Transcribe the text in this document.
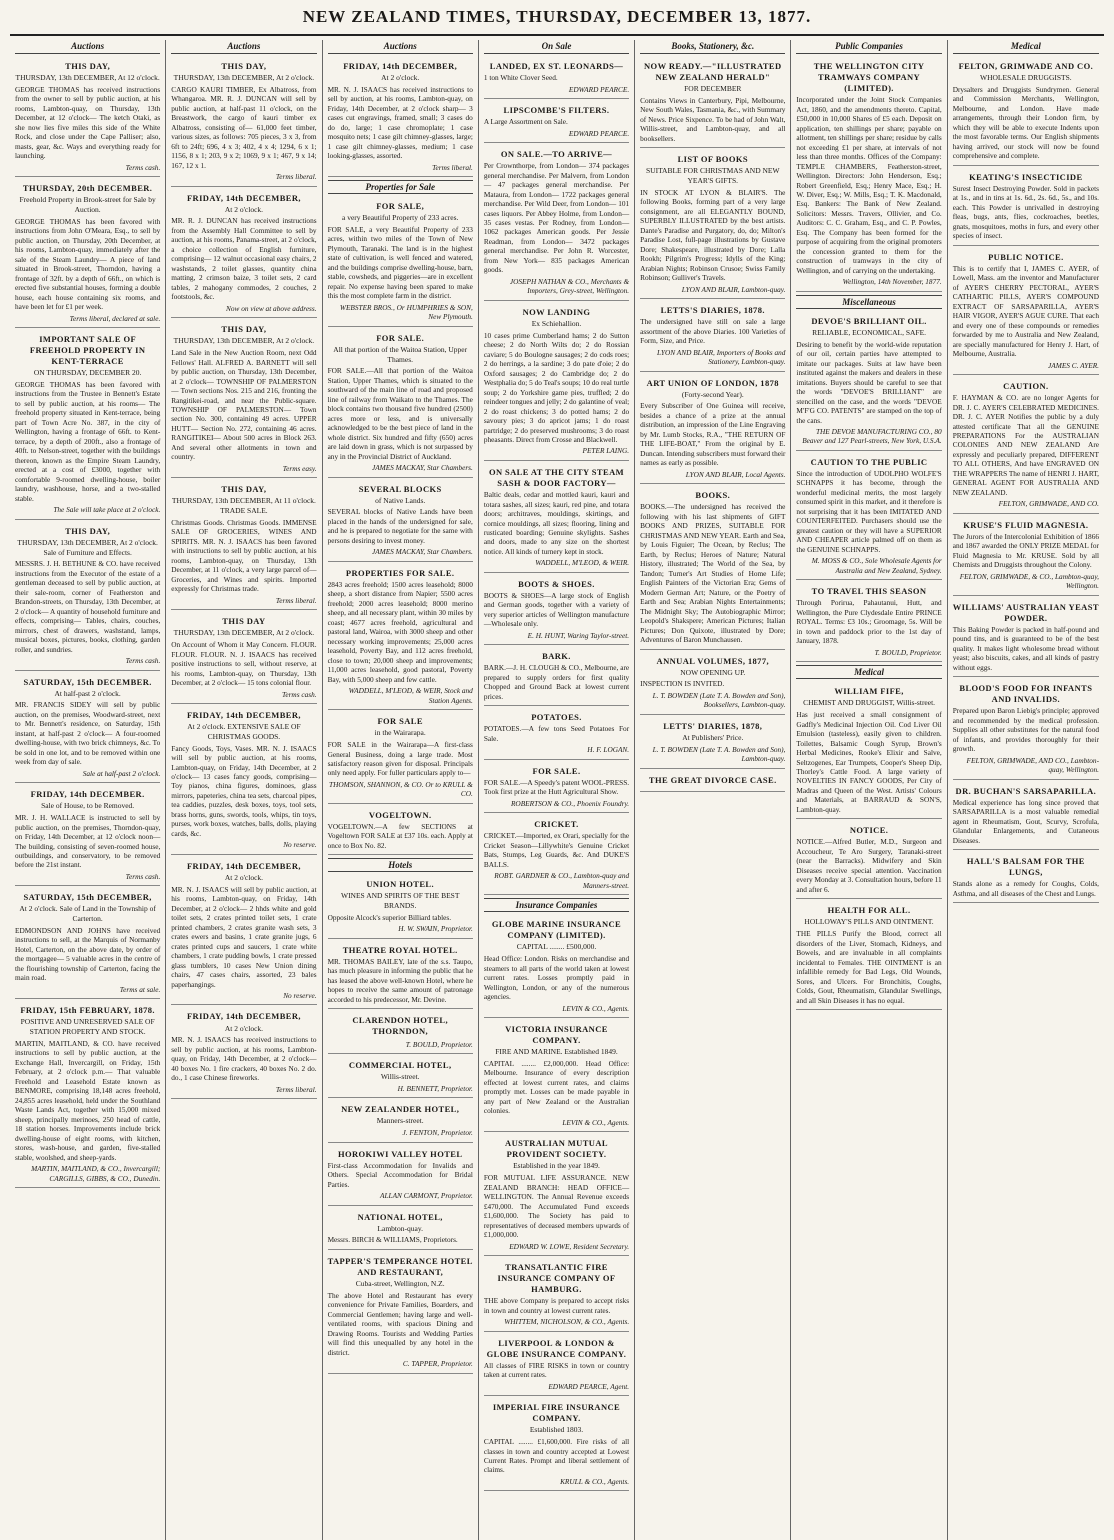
NEW ZEALAND TIMES, THURSDAY, DECEMBER 13, 1877.
Auctions
THIS DAY,
THURSDAY, 13th DECEMBER, At 12 o'clock.
GEORGE THOMAS has received instructions from the owner to sell by public auction, at his rooms, Lambton-quay, on Thursday, 13th December, at 12 o'clock— The ketch Otaki, as she now lies five miles this side of the White Rock, and close under the Cape Palliser; also, masts, gear, &c. Ways and everything ready for launching.
Terms cash.
THURSDAY, 20th DECEMBER.
Freehold Property in Brook-street for Sale by Auction.
GEORGE THOMAS has been favored with instructions from John O'Meara, Esq., to sell by public auction, on Thursday, 20th December, at his rooms, Lambton-quay, immediately after the sale of the Steam Laundry— A piece of land situated in Brook-street, Thorndon, having a frontage of 32ft. by a depth of 66ft., on which is erected five substantial houses, forming a double house, each house containing six rooms, and have been let for £1 per week.
Terms liberal, declared at sale.
IMPORTANT SALE OF FREEHOLD PROPERTY IN KENT-TERRACE
ON THURSDAY, DECEMBER 20.
GEORGE THOMAS has been favored with instructions from the Trustee in Bennett's Estate to sell by public auction, at his rooms— The freehold property situated in Kent-terrace, being part of Town Acre No. 387, in the city of Wellington, having a frontage of 66ft. to Kent-terrace, by a depth of 200ft., also a frontage of 40ft. to Nelson-street, together with the buildings thereon, known as the Empire Steam Laundry, erected at a cost of £3000, together with comfortable 9-roomed dwelling-house, boiler laundry, washhouse, horse, and a two-stalled stable.
The Sale will take place at 2 o'clock.
THIS DAY,
THURSDAY, 13th DECEMBER, At 2 o'clock. Sale of Furniture and Effects.
MESSRS. J. H. BETHUNE & CO. have received instructions from the Executor of the estate of a gentleman deceased to sell by public auction, at their sale-room, corner of Featherston and Brandon-streets, on Thursday, 13th December, at 2 o'clock— A quantity of household furniture and effects, comprising— Tables, chairs, couches, mirrors, chest of drawers, washstand, lamps, musical boxes, pictures, books, clothing, garden roller, and sundries.
Terms cash.
SATURDAY, 15th DECEMBER.
At half-past 2 o'clock.
MR. FRANCIS SIDEY will sell by public auction, on the premises, Woodward-street, next to Mr. Bennett's residence, on Saturday, 15th instant, at half-past 2 o'clock— A four-roomed dwelling-house, with two brick chimneys, &c. To be sold in one lot, and to be removed within one week from day of sale.
Sale at half-past 2 o'clock.
FRIDAY, 14th DECEMBER.
Sale of House, to be Removed.
MR. J. H. WALLACE is instructed to sell by public auction, on the premises, Thorndon-quay, on Friday, 14th December, at 12 o'clock noon— The building, consisting of seven-roomed house, outbuildings, and conservatory, to be removed before the 21st instant.
Terms cash.
SATURDAY, 15th DECEMBER,
At 2 o'clock. Sale of Land in the Township of Carterton.
EDMONDSON AND JOHNS have received instructions to sell, at the Marquis of Normanby Hotel, Carterton, on the above date, by order of the mortgagee— 5 valuable acres in the centre of the flourishing township of Carterton, facing the main road.
Terms at sale.
FRIDAY, 15th FEBRUARY, 1878.
POSITIVE AND UNRESERVED SALE OF STATION PROPERTY AND STOCK.
MARTIN, MAITLAND, & CO. have received instructions to sell by public auction, at the Exchange Hall, Invercargill, on Friday, 15th February, at 2 o'clock p.m.— That valuable Freehold and Leasehold Estate known as BENMORE, comprising 18,148 acres freehold, 24,855 acres leasehold, held under the Southland Waste Lands Act, together with 15,000 mixed sheep, principally merinoes, 250 head of cattle, 18 station horses. Improvements include brick dwelling-house of eight rooms, with kitchen, stores, wash-house, and garden, five-stalled stable, woolshed, and sheep-yards.
MARTIN, MAITLAND, & CO., Invercargill; CARGILLS, GIBBS, & CO., Dunedin.
Auctions
THIS DAY,
THURSDAY, 13th DECEMBER, At 2 o'clock.
CARGO KAURI TIMBER, Ex Albatross, from Whangaroa. MR. R. J. DUNCAN will sell by public auction, at half-past 11 o'clock, on the Breastwork, the cargo of kauri timber ex Albatross, consisting of— 61,000 feet timber, various sizes, as follows: 705 pieces, 3 x 3, from 6ft to 24ft; 696, 4 x 3; 402, 4 x 4; 1294, 6 x 1; 1156, 8 x 1; 203, 9 x 2; 1069, 9 x 1; 467, 9 x 14; 167, 12 x 1.
Terms liberal.
FRIDAY, 14th DECEMBER,
At 2 o'clock.
MR. R. J. DUNCAN has received instructions from the Assembly Hall Committee to sell by auction, at his rooms, Panama-street, at 2 o'clock, a choice collection of English furniture, comprising— 12 walnut occasional easy chairs, 2 washstands, 2 toilet glasses, quantity china matting, 2 crimson baize, 3 toilet sets, 2 card tables, 2 mahogany commodes, 2 couches, 2 footstools, &c.
Now on view at above address.
THIS DAY,
THURSDAY, 13th DECEMBER, At 2 o'clock.
Land Sale in the New Auction Room, next Odd Fellows' Hall. ALFRED A. BARNETT will sell by public auction, on Thursday, 13th December, at 2 o'clock— TOWNSHIP OF PALMERSTON— Town sections Nos. 215 and 216, fronting the Rangitikei-road, and near the Public-square. TOWNSHIP OF PALMERSTON— Town section No. 300, containing 49 acres. UPPER HUTT— Section No. 272, containing 46 acres. RANGITIKEI— About 500 acres in Block 263. And several other allotments in town and country.
Terms easy.
THIS DAY,
THURSDAY, 13th DECEMBER, At 11 o'clock. TRADE SALE.
Christmas Goods. Christmas Goods. IMMENSE SALE OF GROCERIES, WINES AND SPIRITS. MR. N. J. ISAACS has been favored with instructions to sell by public auction, at his rooms, Lambton-quay, on Thursday, 13th December, at 11 o'clock, a very large parcel of— Groceries, and Wines and spirits. Imported expressly for Christmas trade.
Terms liberal.
THIS DAY
THURSDAY, 13th DECEMBER, At 2 o'clock.
On Account of Whom it May Concern. FLOUR. FLOUR. FLOUR. N. J. ISAACS has received positive instructions to sell, without reserve, at his rooms, Lambton-quay, on Thursday, 13th December, at 2 o'clock— 15 tons colonial flour.
Terms cash.
FRIDAY, 14th DECEMBER,
At 2 o'clock. EXTENSIVE SALE OF CHRISTMAS GOODS.
Fancy Goods, Toys, Vases. MR. N. J. ISAACS will sell by public auction, at his rooms, Lambton-quay, on Friday, 14th December, at 2 o'clock— 13 cases fancy goods, comprising— Toy pianos, china figures, dominoes, glass mirrors, papeteries, china tea sets, charcoal pipes, tea caddies, puzzles, desk boxes, toys, tool sets, brass horns, guns, swords, tools, whips, tin toys, purses, work boxes, watches, balls, dolls, playing cards, &c.
No reserve.
FRIDAY, 14th DECEMBER,
At 2 o'clock.
MR. N. J. ISAACS will sell by public auction, at his rooms, Lambton-quay, on Friday, 14th December, at 2 o'clock— 2 hhds white and gold toilet sets, 2 crates printed toilet sets, 1 crate printed chambers, 2 crates granite wash sets, 3 crates ewers and basins, 1 crate granite jugs, 6 crates printed cups and saucers, 1 crate white chambers, 1 crate pudding bowls, 1 crate pressed glass tumblers, 10 cases New Union dining chairs, 47 cases chairs, assorted, 23 bales paperhangings.
No reserve.
FRIDAY, 14th DECEMBER,
At 2 o'clock.
MR. N. J. ISAACS has received instructions to sell by public auction, at his rooms, Lambton-quay, on Friday, 14th December, at 2 o'clock— 40 boxes No. 1 fire crackers, 40 boxes No. 2 do. do., 1 case Chinese fireworks.
Terms liberal.
Auctions
FRIDAY, 14th DECEMBER,
At 2 o'clock.
MR. N. J. ISAACS has received instructions to sell by auction, at his rooms, Lambton-quay, on Friday, 14th December, at 2 o'clock sharp— 3 cases cut engravings, framed, small; 3 cases do do do, large; 1 case chromoplate; 1 case mosquito nets; 1 case gilt chimney-glasses, large; 1 case gilt chimney-glasses, medium; 1 case looking-glasses, assorted.
Terms liberal.
Properties for Sale
FOR SALE,
a very Beautiful Property of 233 acres.
FOR SALE, a very Beautiful Property of 233 acres, within two miles of the Town of New Plymouth, Taranaki. The land is in the highest state of cultivation, is well fenced and watered, and the buildings comprise dwelling-house, barn, stable, cowsheds, and piggeries—are in excellent repair. No expense having been spared to make this the most complete farm in the district.
WEBSTER BROS., Or HUMPHRIES & SON, New Plymouth.
FOR SALE.
All that portion of the Waitoa Station, Upper Thames.
FOR SALE.—All that portion of the Waitoa Station, Upper Thames, which is situated to the southward of the main line of road and proposed line of railway from Waikato to the Thames. The block contains two thousand five hundred (2500) acres more or less, and is universally acknowledged to be the best piece of land in the whole district. Six hundred and fifty (650) acres are laid down in grass, which is not surpassed by any in the Provincial District of Auckland.
JAMES MACKAY, Star Chambers.
SEVERAL BLOCKS
of Native Lands.
SEVERAL blocks of Native Lands have been placed in the hands of the undersigned for sale, and he is prepared to negotiate for the same with persons desiring to invest money.
JAMES MACKAY, Star Chambers.
PROPERTIES FOR SALE.
2843 acres freehold; 1500 acres leasehold; 8000 sheep, a short distance from Napier; 5500 acres freehold; 2000 acres leasehold; 8000 merino sheep, and all necessary plant, within 30 miles by coast; 4677 acres freehold, agricultural and pastoral land, Wairoa, with 3000 sheep and other necessary working improvements; 25,000 acres leasehold, Poverty Bay, and 112 acres freehold, close to town; 20,000 sheep and improvements; 11,000 acres leasehold, good pastoral, Poverty Bay, with 5,000 sheep and few cattle.
WADDELL, M'LEOD, & WEIR, Stock and Station Agents.
FOR SALE
in the Wairarapa.
FOR SALE in the Wairarapa—A first-class General Business, doing a large trade. Most satisfactory reason given for disposal. Principals only need apply. For fuller particulars apply to—
THOMSON, SHANNON, & CO. Or to KRULL & CO.
VOGELTOWN.
VOGELTOWN.—A few SECTIONS at Vogeltown FOR SALE at £37 10s. each. Apply at once to Box No. 82.
Hotels
UNION HOTEL.
WINES AND SPIRITS OF THE BEST BRANDS.
Opposite Alcock's superior Billiard tables.
H. W. SWAIN, Proprietor.
THEATRE ROYAL HOTEL.
MR. THOMAS BAILEY, late of the s.s. Taupo, has much pleasure in informing the public that he has leased the above well-known Hotel, where he hopes to receive the same amount of patronage accorded to his predecessor, Mr. Devine.
CLARENDON HOTEL, THORNDON,
T. BOULD, Proprietor.
COMMERCIAL HOTEL,
Willis-street.
H. BENNETT, Proprietor.
NEW ZEALANDER HOTEL,
Manners-street.
J. FENTON, Proprietor.
HOROKIWI VALLEY HOTEL
First-class Accommodation for Invalids and Others. Special Accommodation for Bridal Parties.
ALLAN CARMONT, Proprietor.
NATIONAL HOTEL,
Lambton-quay.
Messrs. BIRCH & WILLIAMS, Proprietors.
TAPPER'S TEMPERANCE HOTEL AND RESTAURANT,
Cuba-street, Wellington, N.Z.
The above Hotel and Restaurant has every convenience for Private Families, Boarders, and Commercial Gentlemen; having large and well-ventilated rooms, with spacious Dining and Drawing Rooms. Tourists and Wedding Parties will find this unequalled by any hotel in the district.
C. TAPPER, Proprietor.
On Sale
LANDED, EX ST. LEONARDS—
1 ton White Clover Seed.
EDWARD PEARCE.
LIPSCOMBE'S FILTERS.
A Large Assortment on Sale.
EDWARD PEARCE.
ON SALE.—TO ARRIVE—
Per Crownthorpe, from London— 374 packages general merchandise. Per Malvern, from London— 47 packages general merchandise. Per Mataura, from London— 1722 packages general merchandise. Per Wild Deer, from London— 101 cases liquors. Per Abbey Holme, from London— 35 cases vestas. Per Rodney, from London— 1062 packages American goods. Per Jessie Readman, from London— 3472 packages general merchandise. Per John R. Worcester, from New York— 835 packages American goods.
JOSEPH NATHAN & CO., Merchants & Importers, Grey-street, Wellington.
NOW LANDING
Ex Schiehallion.
10 cases prime Cumberland hams; 2 do Sutton cheese; 2 do North Wilts do; 2 do Rossian caviare; 5 do Boulogne sausages; 2 do cods roes; 2 do herrings, a la sardine; 3 do pate d'oie; 2 do Oxford sausages; 2 do Cambridge do; 2 do Westphalia do; 5 do Teal's soups; 10 do real turtle soup; 2 do Yorkshire game pies, truffled; 2 do reindeer tongues and jelly; 2 do galantine of veal; 2 do roast chickens; 3 do potted hams; 2 do savoury pies; 3 do apricot jams; 1 do roast partridge; 2 do preserved mushrooms; 3 do roast pheasants. Direct from Crosse and Blackwell.
PETER LAING.
ON SALE AT THE CITY STEAM SASH & DOOR FACTORY—
Baltic deals, cedar and mottled kauri, kauri and totara sashes, all sizes; kauri, red pine, and totara doors; architraves, mouldings, skirtings, and cornice mouldings, all sizes; flooring, lining and rusticated boarding; Genuine skylights. Sashes and doors, made to any size on the shortest notice. All kinds of turnery kept in stock.
WADDELL, M'LEOD, & WEIR.
BOOTS & SHOES.
BOOTS & SHOES—A large stock of English and German goods, together with a variety of very superior articles of Wellington manufacture—Wholesale only.
E. H. HUNT, Waring Taylor-street.
BARK.
BARK.—J. H. CLOUGH & CO., Melbourne, are prepared to supply orders for first quality Chopped and Ground Back at lowest current prices.
POTATOES.
POTATOES.—A few tons Seed Potatoes For Sale.
H. F. LOGAN.
FOR SALE.
FOR SALE.—A Speedy's patent WOOL-PRESS. Took first prize at the Hutt Agricultural Show.
ROBERTSON & CO., Phoenix Foundry.
CRICKET.
CRICKET.—Imported, ex Orari, specially for the Cricket Season—Lillywhite's Genuine Cricket Bats, Stumps, Leg Guards, &c. And DUKE'S BALLS.
ROBT. GARDNER & CO., Lambton-quay and Manners-street.
Insurance Companies
GLOBE MARINE INSURANCE COMPANY (LIMITED).
CAPITAL ........ £500,000.
Head Office: London. Risks on merchandise and steamers to all parts of the world taken at lowest current rates. Losses promptly paid in Wellington, London, or any of the numerous agencies.
LEVIN & CO., Agents.
VICTORIA INSURANCE COMPANY.
FIRE AND MARINE. Established 1849.
CAPITAL ........ £2,000,000. Head Office: Melbourne. Insurance of every description effected at lowest current rates, and claims promptly met. Losses can be made payable in any part of New Zealand or the Australian colonies.
LEVIN & CO., Agents.
AUSTRALIAN MUTUAL PROVIDENT SOCIETY.
Established in the year 1849.
FOR MUTUAL LIFE ASSURANCE. NEW ZEALAND BRANCH: HEAD OFFICE—WELLINGTON. The Annual Revenue exceeds £470,000. The Accumulated Fund exceeds £1,600,000. The Society has paid to representatives of deceased members upwards of £1,000,000.
EDWARD W. LOWE, Resident Secretary.
TRANSATLANTIC FIRE INSURANCE COMPANY OF HAMBURG.
THE above Company is prepared to accept risks in town and country at lowest current rates.
WHITTEM, NICHOLSON, & CO., Agents.
LIVERPOOL & LONDON & GLOBE INSURANCE COMPANY.
All classes of FIRE RISKS in town or country taken at current rates.
EDWARD PEARCE, Agent.
IMPERIAL FIRE INSURANCE COMPANY.
Established 1803.
CAPITAL ........ £1,600,000. Fire risks of all classes in town and country accepted at Lowest Current Rates. Prompt and liberal settlement of claims.
KRULL & CO., Agents.
Books, Stationery, &c.
NOW READY.—"ILLUSTRATED NEW ZEALAND HERALD"
FOR DECEMBER
Contains Views in Canterbury, Pipi, Melbourne, New South Wales, Tasmania, &c., with Summary of News. Price Sixpence. To be had of John Walt, Willis-street, and Lambton-quay, and all booksellers.
LIST OF BOOKS
SUITABLE FOR CHRISTMAS AND NEW YEAR'S GIFTS.
IN STOCK AT LYON & BLAIR'S. The following Books, forming part of a very large consignment, are all ELEGANTLY BOUND, SUPERBLY ILLUSTRATED by the best artists. Dante's Paradise and Purgatory, do, do; Milton's Paradise Lost, full-page illustrations by Gustave Dore; Shakespeare, illustrated by Dore; Lalla Rookh; Pilgrim's Progress; Idylls of the King; Arabian Nights; Robinson Crusoe; Swiss Family Robinson; Gulliver's Travels.
LYON AND BLAIR, Lambton-quay.
LETTS'S DIARIES, 1878.
The undersigned have still on sale a large assortment of the above Diaries. 100 Varieties of Form, Size, and Price.
LYON AND BLAIR, Importers of Books and Stationery, Lambton-quay.
ART UNION OF LONDON, 1878
(Forty-second Year).
Every Subscriber of One Guinea will receive, besides a chance of a prize at the annual distribution, an impression of the Line Engraving by Mr. Lumb Stocks, R.A., "THE RETURN OF THE LIFE-BOAT," From the original by E. Duncan. Intending subscribers must forward their names as early as possible.
LYON AND BLAIR, Local Agents.
BOOKS.
BOOKS.—The undersigned has received the following with his last shipments of GIFT BOOKS AND PRIZES, SUITABLE FOR CHRISTMAS AND NEW YEAR. Earth and Sea, by Louis Figuier; The Ocean, by Reclus; The Earth, by Reclus; Heroes of Nature; Natural History, illustrated; The World of the Sea, by Tandon; Turner's Art Studies of Home Life; English Painters of the Victorian Era; Gems of Modern German Art; Nature, or the Poetry of Earth and Sea; Arabian Nights Entertainments; The Midnight Sky; The Autobiographic Mirror; Leopold's Shakspere; American Pictures; Italian Pictures; Don Quixote, illustrated by Dore; Adventures of Baron Munchausen.
ANNUAL VOLUMES, 1877,
NOW OPENING UP.
INSPECTION IS INVITED.
L. T. BOWDEN (Late T. A. Bowden and Son), Booksellers, Lambton-quay.
LETTS' DIARIES, 1878,
At Publishers' Price.
L. T. BOWDEN (Late T. A. Bowden and Son), Lambton-quay.
THE GREAT DIVORCE CASE.
Public Companies
THE WELLINGTON CITY TRAMWAYS COMPANY (LIMITED).
Incorporated under the Joint Stock Companies Act, 1860, and the amendments thereto. Capital, £50,000 in 10,000 Shares of £5 each. Deposit on application, ten shillings per share; payable on allotment, ten shillings per share; residue by calls not exceeding £1 per share, at intervals of not less than three months. Offices of the Company: TEMPLE CHAMBERS, Featherston-street, Wellington. Directors: John Henderson, Esq.; Robert Greenfield, Esq.; Henry Mace, Esq.; H. W. Diver, Esq.; W. Mills, Esq.; T. K. Macdonald, Esq. Bankers: The Bank of New Zealand. Solicitors: Messrs. Travers, Ollivier, and Co. Auditors: C. C. Graham, Esq., and C. P. Powles, Esq. The Company has been formed for the purpose of acquiring from the original promoters the concession granted to them for the construction of tramways in the city of Wellington, and of carrying on the undertaking.
Wellington, 14th November, 1877.
Miscellaneous
DEVOE'S BRILLIANT OIL.
RELIABLE, ECONOMICAL, SAFE.
Desiring to benefit by the world-wide reputation of our oil, certain parties have attempted to imitate our packages. Suits at law have been instituted against the makers and dealers in these imitations. Buyers should be careful to see that the words "DEVOE'S BRILLIANT" are stencilled on the case, and the words "DEVOE M'F'G CO. PATENTS" are stamped on the top of the cans.
THE DEVOE MANUFACTURING CO., 80 Beaver and 127 Pearl-streets, New York, U.S.A.
CAUTION TO THE PUBLIC
Since the introduction of UDOLPHO WOLFE'S SCHNAPPS it has become, through the wonderful medicinal merits, the most largely consumed spirit in this market, and it therefore is not surprising that it has been IMITATED AND COUNTERFEITED. Purchasers should use the greatest caution or they will have a SUPERIOR AND CHEAPER article palmed off on them as the GENUINE SCHNAPPS.
M. MOSS & CO., Sole Wholesale Agents for Australia and New Zealand, Sydney.
TO TRAVEL THIS SEASON
Through Porirua, Pahautanui, Hutt, and Wellington, the Pure Clydesdale Entire PRINCE ROYAL. Terms: £3 10s.; Groomage, 5s. Will be in town and paddock prior to the 1st day of January, 1878.
T. BOULD, Proprietor.
Medical
WILLIAM FIFE,
CHEMIST AND DRUGGIST, Willis-street.
Has just received a small consignment of Gadfly's Medicinal Injection Oil. Cod Liver Oil Emulsion (tasteless), easily given to children. Toilettes, Balsamic Cough Syrup, Brown's Herbal Medicines, Rooke's Elixir and Salve, Seltzogenes, Ear Trumpets, Cooper's Sheep Dip, Thorley's Cattle Food. A large variety of NOVELTIES IN FANCY GOODS, Per City of Madras and Queen of the West. Artists' Colours and Materials, at BARRAUD & SON'S, Lambton-quay.
NOTICE.
NOTICE.—Alfred Butler, M.D., Surgeon and Accoucheur, Te Aro Surgery, Taranaki-street (near the Barracks). Midwifery and Skin Diseases receive special attention. Vaccination every Monday at 3. Consultation hours, before 11 and after 6.
HEALTH FOR ALL.
HOLLOWAY'S PILLS AND OINTMENT.
THE PILLS Purify the Blood, correct all disorders of the Liver, Stomach, Kidneys, and Bowels, and are invaluable in all complaints incidental to Females. THE OINTMENT is an infallible remedy for Bad Legs, Old Wounds, Sores, and Ulcers. For Bronchitis, Coughs, Colds, Gout, Rheumatism, Glandular Swellings, and all Skin Diseases it has no equal.
Medical
FELTON, GRIMWADE AND CO.
WHOLESALE DRUGGISTS.
Drysalters and Druggists Sundrymen. General and Commission Merchants, Wellington, Melbourne, and London. Have made arrangements, through their London firm, by which they will be able to execute Indents upon the most favorable terms. Our English shipments having arrived, our stock will now be found comprehensive and complete.
KEATING'S INSECTICIDE
Surest Insect Destroying Powder. Sold in packets at 1s., and in tins at 1s. 6d., 2s. 6d., 5s., and 10s. each. This Powder is unrivalled in destroying fleas, bugs, ants, flies, cockroaches, beetles, gnats, mosquitoes, moths in furs, and every other species of insect.
PUBLIC NOTICE.
This is to certify that I, JAMES C. AYER, of Lowell, Mass. am the inventor and Manufacturer of AYER'S CHERRY PECTORAL, AYER'S CATHARTIC PILLS, AYER'S COMPOUND EXTRACT OF SARSAPARILLA, AYER'S HAIR VIGOR, AYER'S AGUE CURE. That each and every one of these compounds or remedies forwarded by me to Australia and New Zealand, are specially manufactured for Henry J. Hart, of Melbourne, Australia.
JAMES C. AYER.
CAUTION.
F. HAYMAN & CO. are no longer Agents for DR. J. C. AYER'S CELEBRATED MEDICINES. DR. J. C. AYER Notifies the public by a duly attested certificate That all the GENUINE PREPARATIONS For the AUSTRALIAN COLONIES AND NEW ZEALAND Are expressly and peculiarly prepared, DIFFERENT TO ALL OTHERS, And have ENGRAVED ON THE WRAPPERS The name of HENRI J. HART, GENERAL AGENT FOR AUSTRALIA AND NEW ZEALAND.
FELTON, GRIMWADE, AND CO.
KRUSE'S FLUID MAGNESIA.
The Jurors of the Intercolonial Exhibition of 1866 and 1867 awarded the ONLY PRIZE MEDAL for Fluid Magnesia to Mr. KRUSE. Sold by all Chemists and Druggists throughout the Colony.
FELTON, GRIMWADE, & CO., Lambton-quay, Wellington.
WILLIAMS' AUSTRALIAN YEAST POWDER.
This Baking Powder is packed in half-pound and pound tins, and is guaranteed to be of the best quality. It makes light wholesome bread without yeast; also biscuits, cakes, and all kinds of pastry without eggs.
BLOOD'S FOOD FOR INFANTS AND INVALIDS.
Prepared upon Baron Liebig's principle; approved and recommended by the medical profession. Supplies all other substitutes for the natural food of infants, and provides thoroughly for their growth.
FELTON, GRIMWADE, AND CO., Lambton-quay, Wellington.
DR. BUCHAN'S SARSAPARILLA.
Medical experience has long since proved that SARSAPARILLA is a most valuable remedial agent in Rheumatism, Gout, Scurvy, Scrofula, Glandular Enlargements, and Cutaneous Diseases.
HALL'S BALSAM FOR THE LUNGS,
Stands alone as a remedy for Coughs, Colds, Asthma, and all diseases of the Chest and Lungs.
